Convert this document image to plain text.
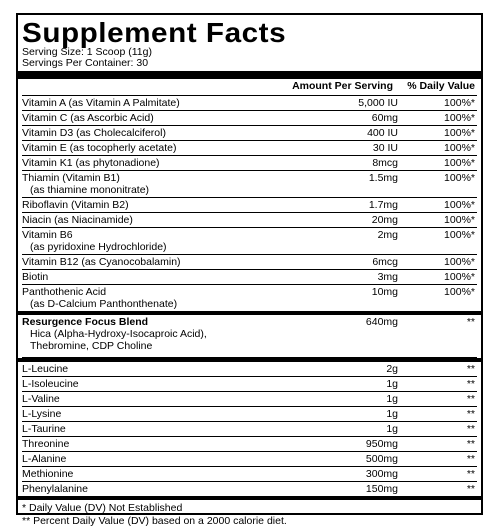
Supplement Facts
Serving Size: 1 Scoop (11g)
Servings Per Container: 30
Amount Per Serving % Daily Value
Vitamin A (as Vitamin A Palmitate)	5,000 IU	100%*
Vitamin C (as Ascorbic Acid)	60mg	100%*
Vitamin D3 (as Cholecalciferol)	400 IU	100%*
Vitamin E (as tocopherly acetate)	30 IU	100%*
Vitamin K1 (as phytonadione)	8mcg	100%*
Thiamin (Vitamin B1)
(as thiamine mononitrate)
1.5mg	100%*
Riboflavin (Vitamin B2)	1.7mg	100%*
Niacin (as Niacinamide)	20mg	100%*
Vitamin B6
(as pyridoxine Hydrochloride)
2mg	100%*
Vitamin B12 (as Cyanocobalamin)	6mcg	100%*
Biotin	3mg	100%*
Panthothenic Acid
(as D-Calcium Panthonthenate)
10mg	100%*
Resurgence Focus Blend
Hica (Alpha-Hydroxy-Isocaproic Acid),
Thebromine, CDP Choline
640mg	**
L-Leucine	2g	**
L-Isoleucine	1g	**
L-Valine	1g	**
L-Lysine	1g	**
L-Taurine	1g	**
Threonine	950mg	**
L-Alanine	500mg	**
Methionine	300mg	**
Phenylalanine	150mg	**
* Daily Value (DV) Not Established
** Percent Daily Value (DV) based on a 2000 calorie diet.
